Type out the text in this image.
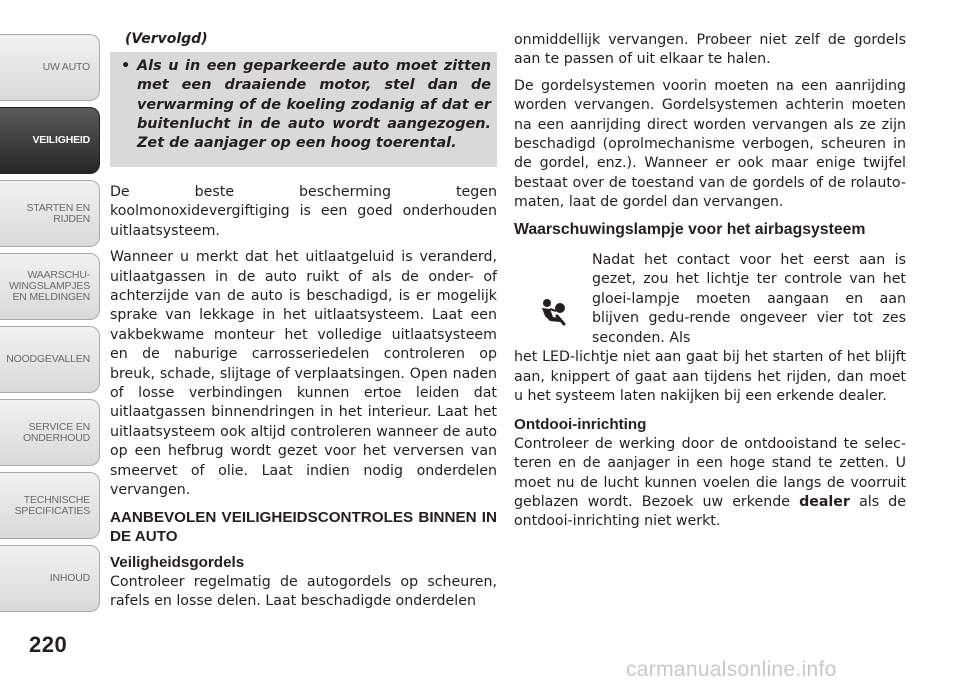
UW AUTO
VEILIGHEID
STARTEN EN
RIJDEN
WAARSCHU-
WINGSLAMPJES
EN MELDINGEN
NOODGEVALLEN
SERVICE EN
ONDERHOUD
TECHNISCHE
SPECIFICATIES
INHOUD
220
(Vervolgd)

• Als u in een geparkeerde auto moet zitten met een draaiende motor, stel dan de verwarming of de koeling zodanig af dat er buitenlucht in de auto wordt aangezogen. Zet de aanjager op een hoog toerental.

De beste bescherming tegen koolmonoxidevergiftiging is een goed onderhouden uitlaatsysteem.

Wanneer u merkt dat het uitlaatgeluid is veranderd, uitlaatgassen in de auto ruikt of als de onder- of achterzijde van de auto is beschadigd, is er mogelijk sprake van lekkage in het uitlaatsysteem. Laat een vakbekwame monteur het volledige uitlaatsysteem en de naburige carrosseriedelen controleren op breuk, schade, slijtage of verplaatsingen. Open naden of losse verbindingen kunnen ertoe leiden dat uitlaatgassen binnendringen in het interieur. Laat het uitlaatsysteem ook altijd controleren wanneer de auto op een hefbrug wordt gezet voor het verversen van smeervet of olie. Laat indien nodig onderdelen vervangen.

AANBEVOLEN VEILIGHEIDSCONTROLES BINNEN IN DE AUTO
Veiligheidsgordels

Controleer regelmatig de autogordels op scheuren, rafels en losse delen. Laat beschadigde onderdelen

onmiddellijk vervangen. Probeer niet zelf de gordels aan te passen of uit elkaar te halen.

De gordelsystemen voorin moeten na een aanrijding worden vervangen. Gordelsystemen achterin moeten na een aanrijding direct worden vervangen als ze zijn beschadigd (oprolmechanisme verbogen, scheuren in de gordel, enz.). Wanneer er ook maar enige twijfel bestaat over de toestand van de gordels of de rolauto-maten, laat de gordel dan vervangen.

Waarschuwingslampje voor het airbagsysteem

Nadat het contact voor het eerst aan is gezet, zou het lichtje ter controle van het gloei-lampje moeten aangaan en aan blijven gedu-rende ongeveer vier tot zes seconden. Als

het LED-lichtje niet aan gaat bij het starten of het blijft aan, knippert of gaat aan tijdens het rijden, dan moet u het systeem laten nakijken bij een erkende dealer.

Ontdooi-inrichting

Controleer de werking door de ontdooistand te selec-teren en de aanjager in een hoge stand te zetten. U moet nu de lucht kunnen voelen die langs de voorruit geblazen wordt. Bezoek uw erkende dealer als de ontdooi-inrichting niet werkt.

carmanualsonline.info
